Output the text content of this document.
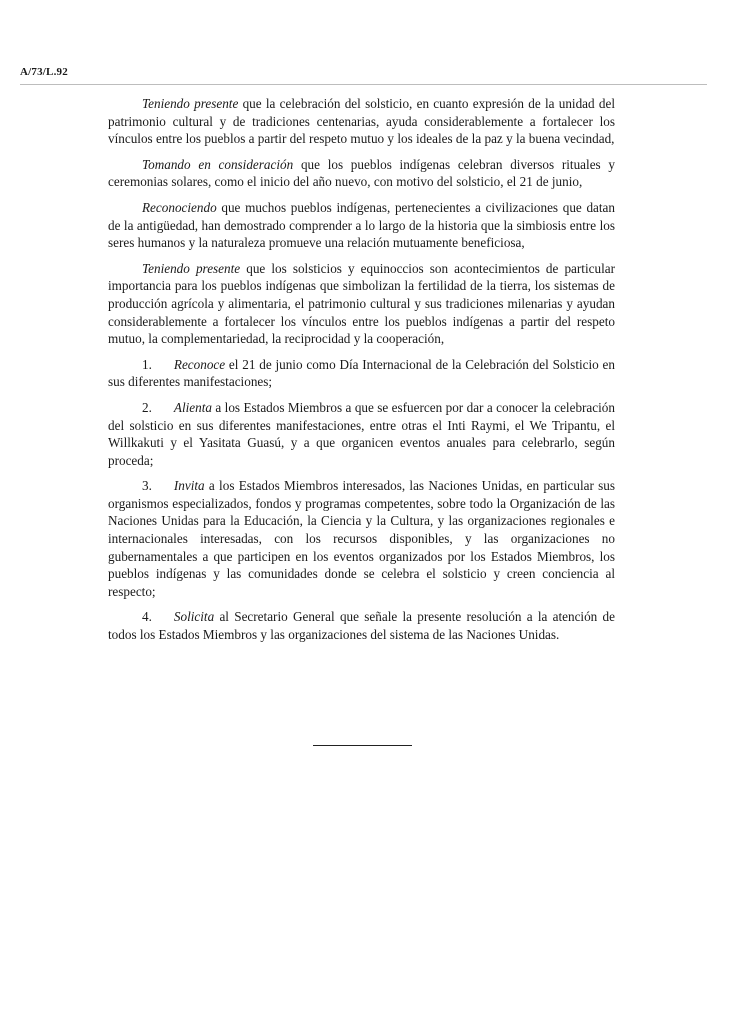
A/73/L.92

Teniendo presente que la celebración del solsticio, en cuanto expresión de la unidad del patrimonio cultural y de tradiciones centenarias, ayuda considerablemente a fortalecer los vínculos entre los pueblos a partir del respeto mutuo y los ideales de la paz y la buena vecindad,

Tomando en consideración que los pueblos indígenas celebran diversos rituales y ceremonias solares, como el inicio del año nuevo, con motivo del solsticio, el 21 de junio,

Reconociendo que muchos pueblos indígenas, pertenecientes a civilizaciones que datan de la antigüedad, han demostrado comprender a lo largo de la historia que la simbiosis entre los seres humanos y la naturaleza promueve una relación mutuamente beneficiosa,

Teniendo presente que los solsticios y equinoccios son acontecimientos de particular importancia para los pueblos indígenas que simbolizan la fertilidad de la tierra, los sistemas de producción agrícola y alimentaria, el patrimonio cultural y sus tradiciones milenarias y ayudan considerablemente a fortalecer los vínculos entre los pueblos indígenas a partir del respeto mutuo, la complementariedad, la reciprocidad y la cooperación,

1. Reconoce el 21 de junio como Día Internacional de la Celebración del Solsticio en sus diferentes manifestaciones;

2. Alienta a los Estados Miembros a que se esfuercen por dar a conocer la celebración del solsticio en sus diferentes manifestaciones, entre otras el Inti Raymi, el We Tripantu, el Willkakuti y el Yasitata Guasú, y a que organicen eventos anuales para celebrarlo, según proceda;

3. Invita a los Estados Miembros interesados, las Naciones Unidas, en particular sus organismos especializados, fondos y programas competentes, sobre todo la Organización de las Naciones Unidas para la Educación, la Ciencia y la Cultura, y las organizaciones regionales e internacionales interesadas, con los recursos disponibles, y las organizaciones no gubernamentales a que participen en los eventos organizados por los Estados Miembros, los pueblos indígenas y las comunidades donde se celebra el solsticio y creen conciencia al respecto;

4. Solicita al Secretario General que señale la presente resolución a la atención de todos los Estados Miembros y las organizaciones del sistema de las Naciones Unidas.
